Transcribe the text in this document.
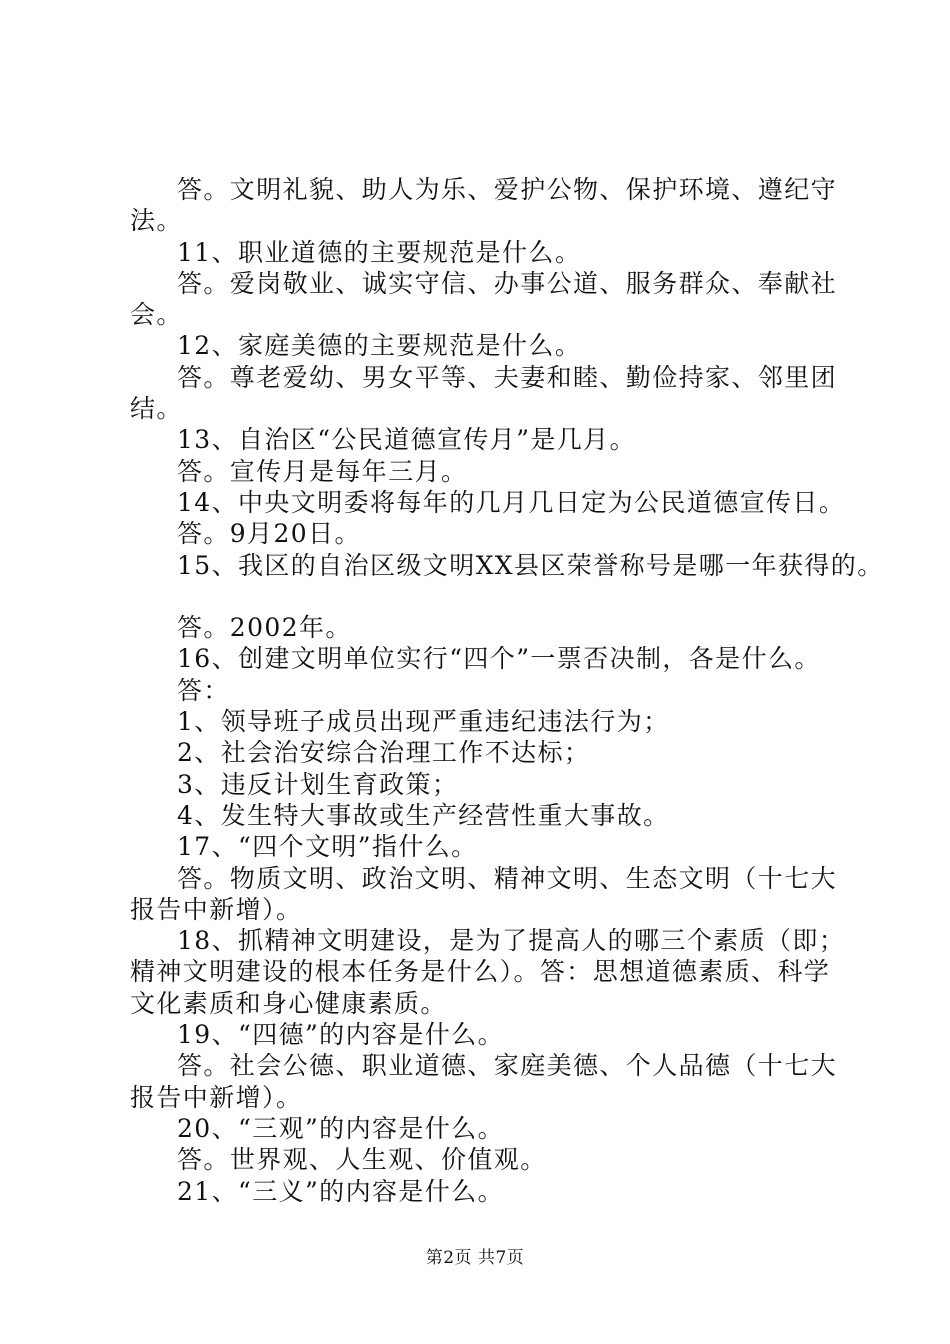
答。文明礼貌、助人为乐、爱护公物、保护环境、遵纪守
法。
11、职业道德的主要规范是什么。
答。爱岗敬业、诚实守信、办事公道、服务群众、奉献社
会。
12、家庭美德的主要规范是什么。
答。尊老爱幼、男女平等、夫妻和睦、勤俭持家、邻里团
结。
13、自治区“公民道德宣传月”是几月。
答。宣传月是每年三月。
14、中央文明委将每年的几月几日定为公民道德宣传日。
答。9月20日。
15、我区的自治区级文明XX县区荣誉称号是哪一年获得的。
答。2002年。
16、创建文明单位实行“四个”一票否决制，各是什么。
答：
1、领导班子成员出现严重违纪违法行为；
2、社会治安综合治理工作不达标；
3、违反计划生育政策；
4、发生特大事故或生产经营性重大事故。
17、“四个文明”指什么。
答。物质文明、政治文明、精神文明、生态文明（十七大
报告中新增）。
18、抓精神文明建设，是为了提高人的哪三个素质（即；
精神文明建设的根本任务是什么）。答：思想道德素质、科学
文化素质和身心健康素质。
19、“四德”的内容是什么。
答。社会公德、职业道德、家庭美德、个人品德（十七大
报告中新增）。
20、“三观”的内容是什么。
答。世界观、人生观、价值观。
21、“三义”的内容是什么。
第2页 共7页
